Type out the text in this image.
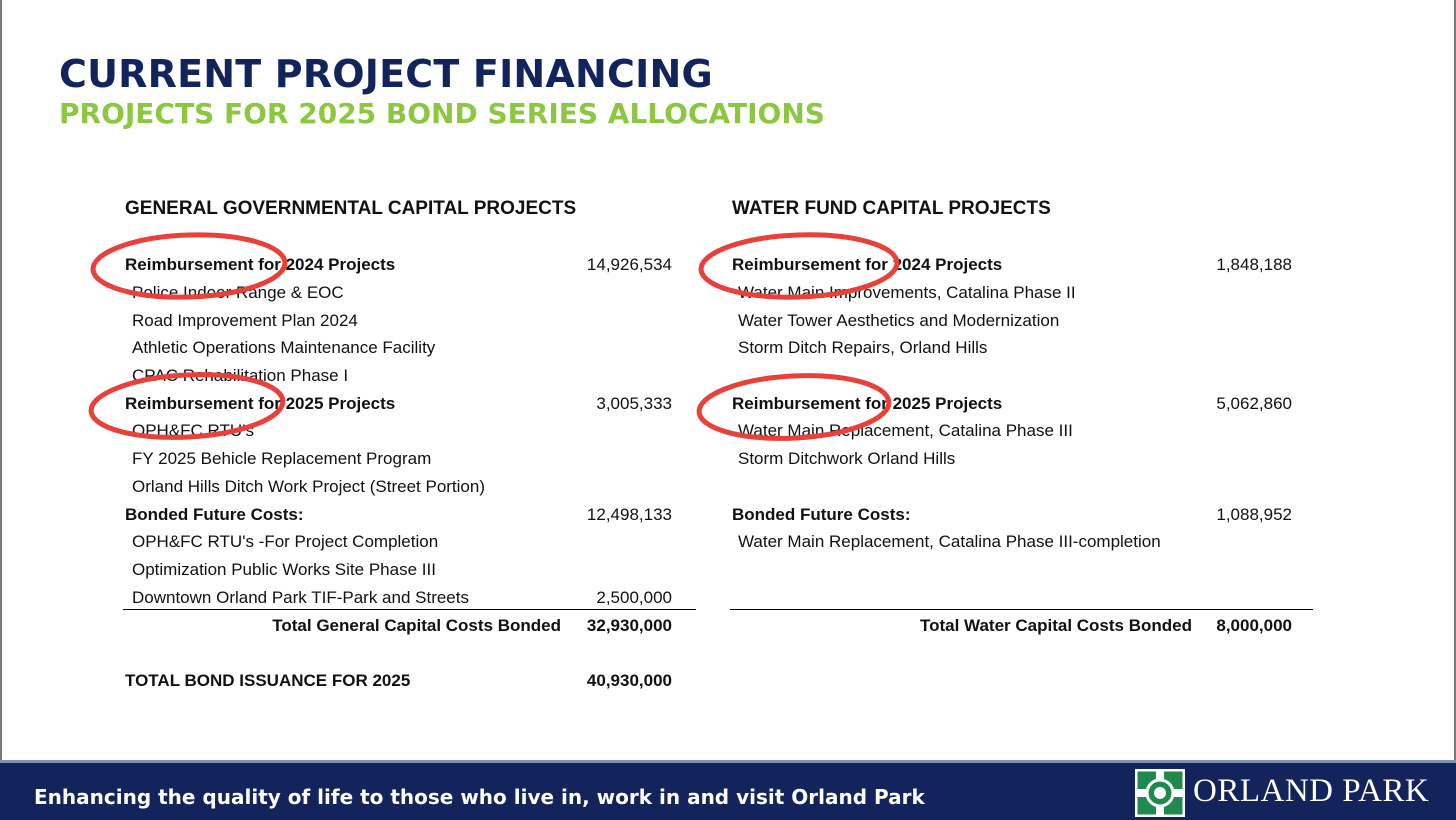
CURRENT PROJECT FINANCING
PROJECTS FOR 2025 BOND SERIES ALLOCATIONS
GENERAL GOVERNMENTAL CAPITAL PROJECTS
Reimbursement for 2024 Projects	14,926,534
Police Indoor Range & EOC
Road Improvement Plan 2024
Athletic Operations Maintenance Facility
CPAC Rehabilitation Phase I
Reimbursement for 2025 Projects	3,005,333
OPH&FC RTU's
FY 2025 Behicle Replacement Program
Orland Hills Ditch Work Project (Street Portion)
Bonded Future Costs:	12,498,133
OPH&FC RTU's -For Project Completion
Optimization Public Works Site Phase III
Downtown Orland Park TIF-Park and Streets	2,500,000
Total General Capital Costs Bonded	32,930,000
TOTAL BOND ISSUANCE FOR 2025	40,930,000
WATER FUND CAPITAL PROJECTS
Reimbursement for 2024 Projects	1,848,188
Water Main Improvements, Catalina Phase II
Water Tower Aesthetics and Modernization
Storm Ditch Repairs, Orland Hills
Reimbursement for 2025 Projects	5,062,860
Water Main Replacement, Catalina Phase III
Storm Ditchwork Orland Hills
Bonded Future Costs:	1,088,952
Water Main Replacement, Catalina Phase III-completion
Total Water Capital Costs Bonded	8,000,000
Enhancing the quality of life to those who live in, work in and visit Orland Park	ORLAND PARK
